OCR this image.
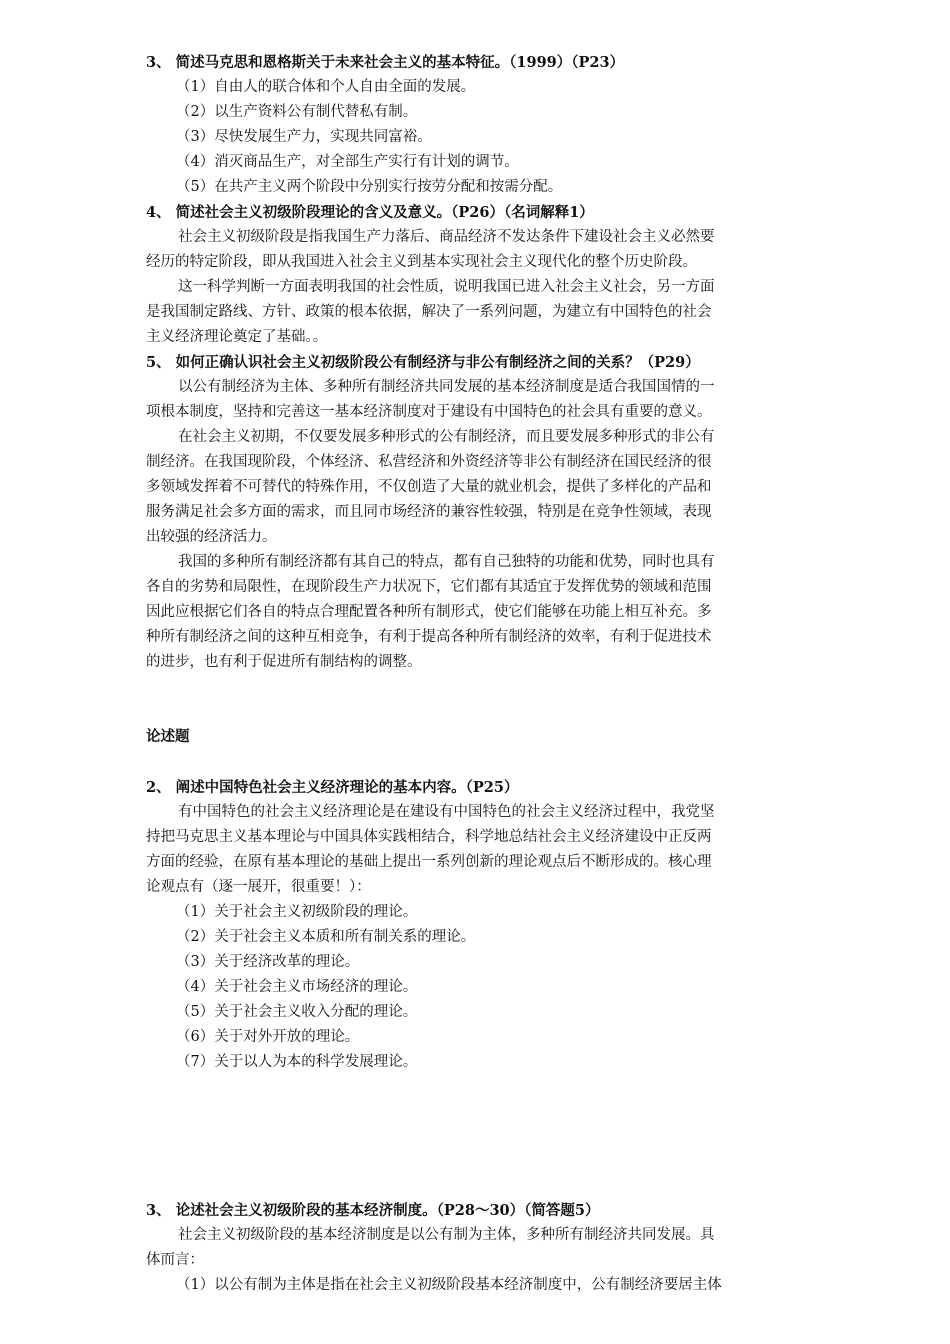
3、 简述马克思和恩格斯关于未来社会主义的基本特征。（1999）（P23）
（1）自由人的联合体和个人自由全面的发展。
（2）以生产资料公有制代替私有制。
（3）尽快发展生产力，实现共同富裕。
（4）消灭商品生产，对全部生产实行有计划的调节。
（5）在共产主义两个阶段中分别实行按劳分配和按需分配。
4、 简述社会主义初级阶段理论的含义及意义。（P26）（名词解释1）
社会主义初级阶段是指我国生产力落后、商品经济不发达条件下建设社会主义必然要
经历的特定阶段，即从我国进入社会主义到基本实现社会主义现代化的整个历史阶段。
这一科学判断一方面表明我国的社会性质，说明我国已进入社会主义社会，另一方面
是我国制定路线、方针、政策的根本依据，解决了一系列问题，为建立有中国特色的社会
主义经济理论奠定了基础。。
5、 如何正确认识社会主义初级阶段公有制经济与非公有制经济之间的关系？（P29）
以公有制经济为主体、多种所有制经济共同发展的基本经济制度是适合我国国情的一
项根本制度，坚持和完善这一基本经济制度对于建设有中国特色的社会具有重要的意义。
在社会主义初期，不仅要发展多种形式的公有制经济，而且要发展多种形式的非公有
制经济。在我国现阶段，个体经济、私营经济和外资经济等非公有制经济在国民经济的很
多领域发挥着不可替代的特殊作用，不仅创造了大量的就业机会，提供了多样化的产品和
服务满足社会多方面的需求，而且同市场经济的兼容性较强，特别是在竞争性领域，表现
出较强的经济活力。
我国的多种所有制经济都有其自己的特点，都有自己独特的功能和优势，同时也具有
各自的劣势和局限性，在现阶段生产力状况下，它们都有其适宜于发挥优势的领域和范围
因此应根据它们各自的特点合理配置各种所有制形式，使它们能够在功能上相互补充。多
种所有制经济之间的这种互相竞争，有利于提高各种所有制经济的效率，有利于促进技术
的进步，也有利于促进所有制结构的调整。
论述题
2、 阐述中国特色社会主义经济理论的基本内容。（P25）
有中国特色的社会主义经济理论是在建设有中国特色的社会主义经济过程中，我党坚
持把马克思主义基本理论与中国具体实践相结合，科学地总结社会主义经济建设中正反两
方面的经验，在原有基本理论的基础上提出一系列创新的理论观点后不断形成的。核心理
论观点有（逐一展开，很重要！）：
（1）关于社会主义初级阶段的理论。
（2）关于社会主义本质和所有制关系的理论。
（3）关于经济改革的理论。
（4）关于社会主义市场经济的理论。
（5）关于社会主义收入分配的理论。
（6）关于对外开放的理论。
（7）关于以人为本的科学发展理论。
3、 论述社会主义初级阶段的基本经济制度。（P28～30）（简答题5）
社会主义初级阶段的基本经济制度是以公有制为主体，多种所有制经济共同发展。具
体而言：
（1）以公有制为主体是指在社会主义初级阶段基本经济制度中，公有制经济要居主体
